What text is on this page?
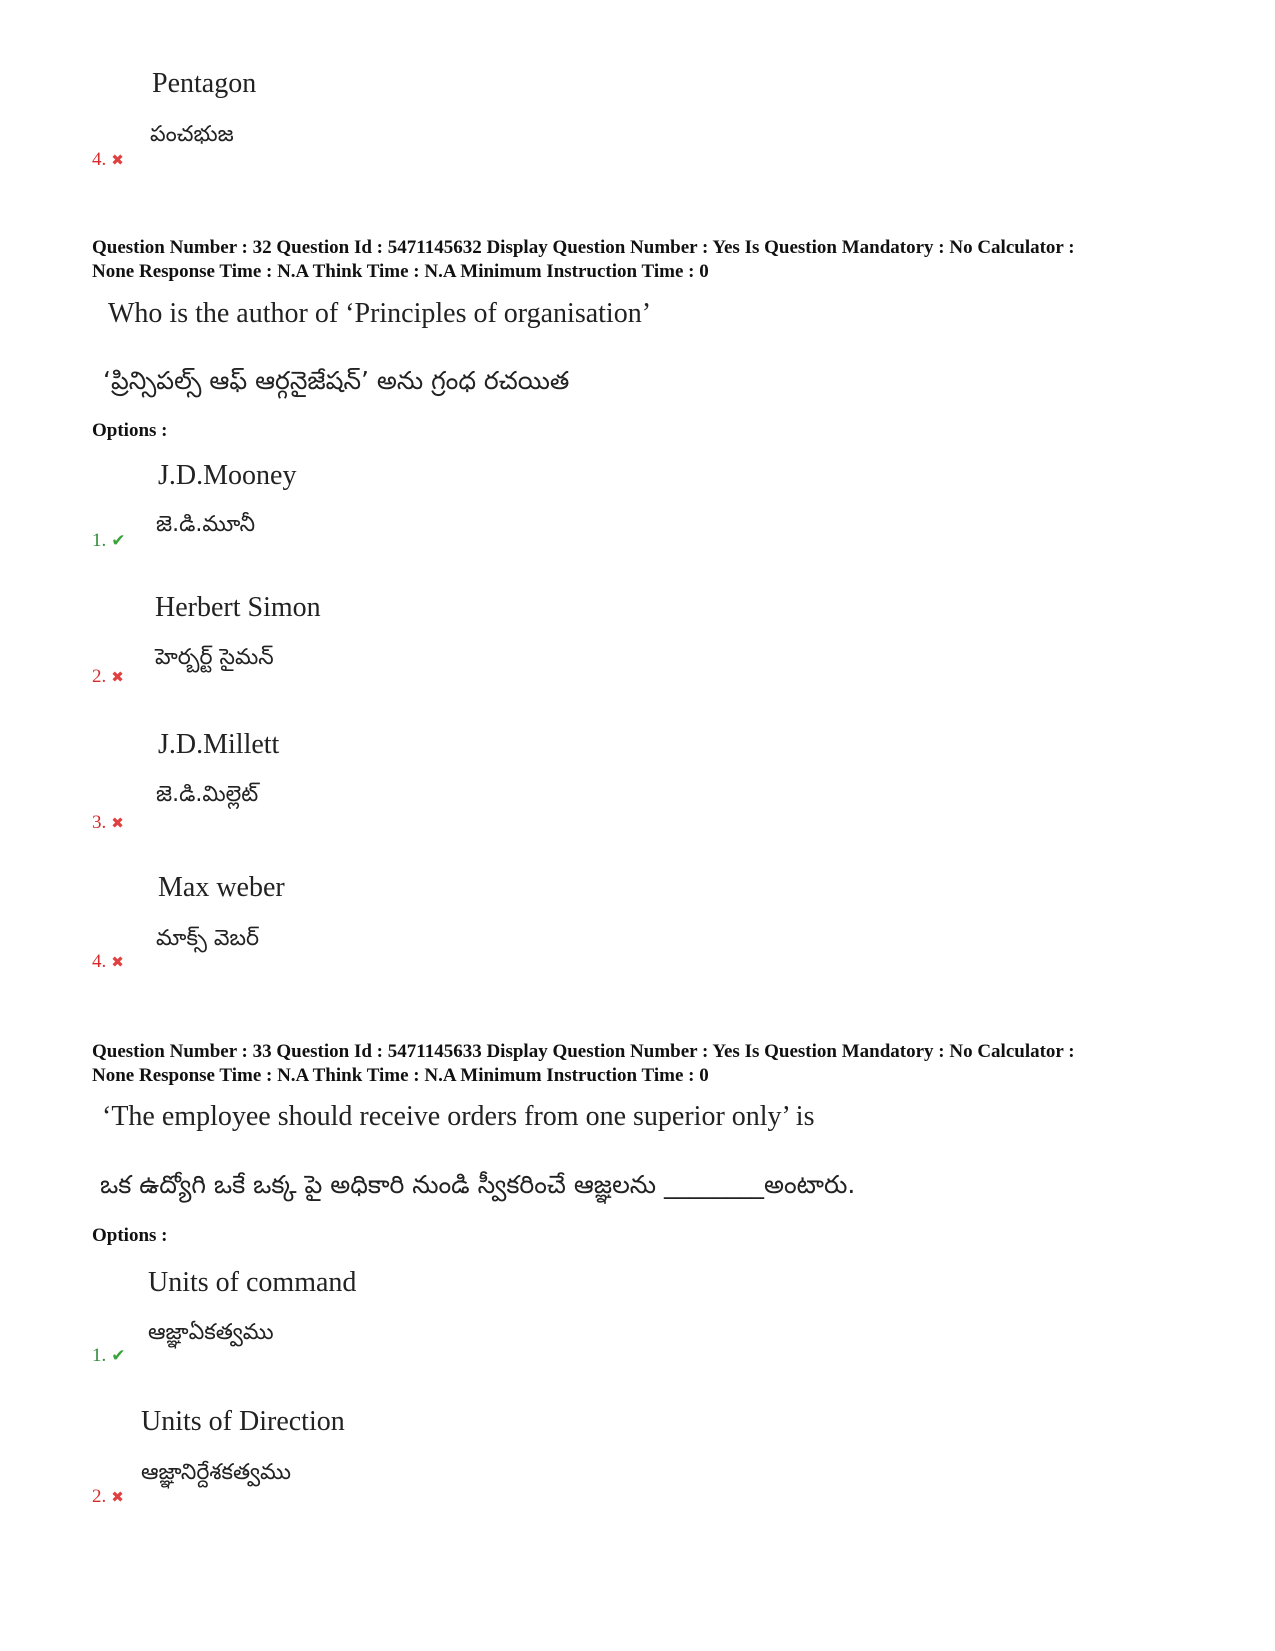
Pentagon
పంచభుజ
4. ✖
Question Number : 32 Question Id : 5471145632 Display Question Number : Yes Is Question Mandatory : No Calculator :
None Response Time : N.A Think Time : N.A Minimum Instruction Time : 0
Who is the author of ‘Principles of organisation’
‘ప్రిన్సిపల్స్ ఆఫ్ ఆర్గనైజేషన్’ అను గ్రంధ రచయిత
Options :
J.D.Mooney
జె.డి.మూనీ
1. ✔
Herbert Simon
హెర్బర్ట్ సైమన్
2. ✖
J.D.Millett
జె.డి.మిల్లెట్
3. ✖
Max weber
మాక్స్ వెబర్
4. ✖
Question Number : 33 Question Id : 5471145633 Display Question Number : Yes Is Question Mandatory : No Calculator :
None Response Time : N.A Think Time : N.A Minimum Instruction Time : 0
‘The employee should receive orders from one superior only’ is
ఒక ఉద్యోగి ఒకే ఒక్క పై అధికారి నుండి స్వీకరించే ఆజ్ఞలను ________అంటారు.
Options :
Units of command
ఆజ్ఞాఏకత్వము
1. ✔
Units of Direction
ఆజ్ఞానిర్దేశకత్వము
2. ✖
